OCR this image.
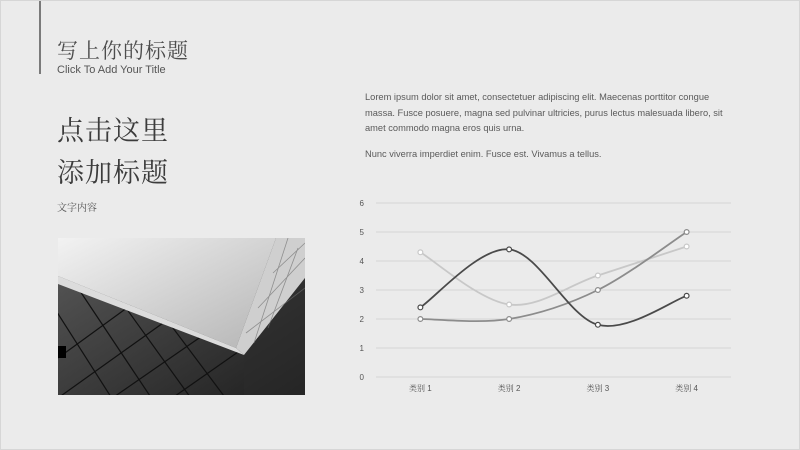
写上你的标题
Click To Add Your Title
点击这里
添加标题
文字内容
Lorem ipsum dolor sit amet, consectetuer adipiscing elit. Maecenas porttitor congue massa. Fusce posuere, magna sed pulvinar ultricies, purus lectus malesuada libero, sit amet commodo magna eros quis urna.
Nunc viverra imperdiet enim. Fusce est. Vivamus a tellus.
0
1
2
3
4
5
6
类别 1	类别 2	类别 3	类别 4
